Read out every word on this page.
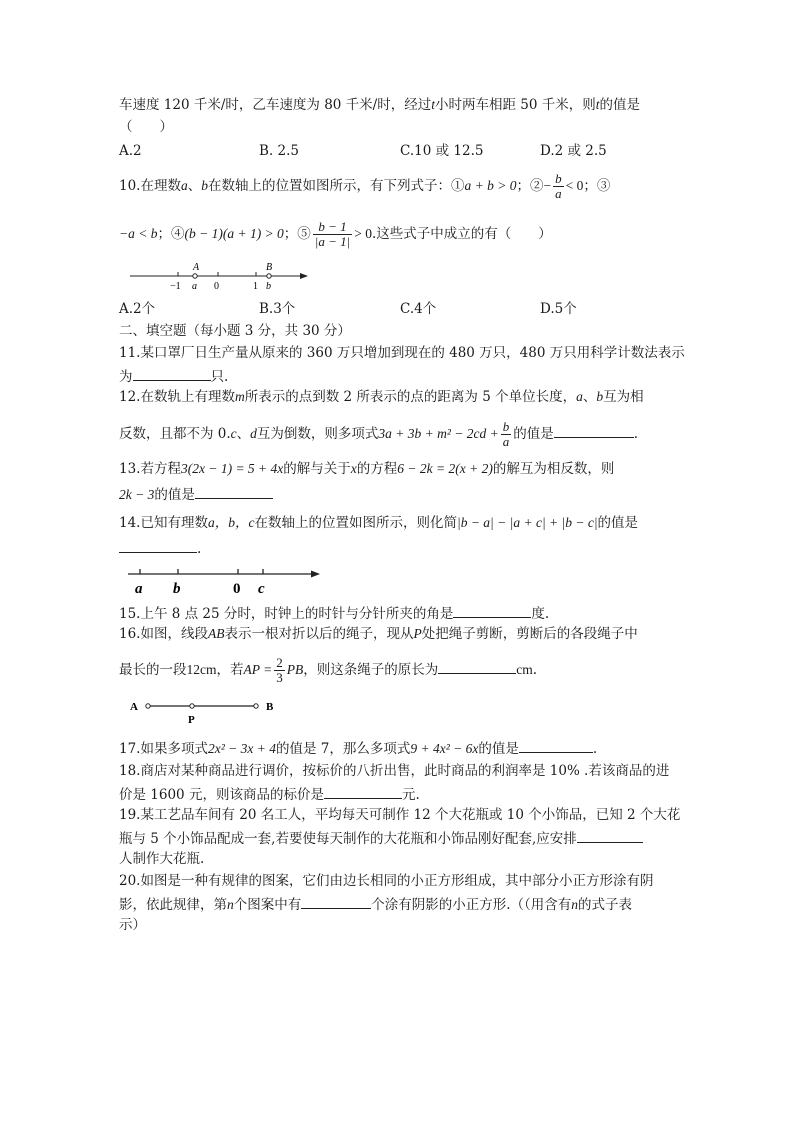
车速度 120 千米/时，乙车速度为 80 千米/时，经过t小时两车相距 50 千米，则t的值是
（　　）
A.2	B. 2.5	C.10 或 12.5	D.2 或 2.5
10.在理数a、b在数轴上的位置如图所示，有下列式子：①a + b > 0；②− $\frac{b}{a} < 0$；③
−a < b；④(b − 1)(a + 1) > 0；⑤ $\frac{b - 1}{|a - 1|} > 0$.这些式子中成立的有（　　）
A	B
−1 a 0	1 b
A.2个	B.3个	C.4个	D.5个
二、填空题（每小题 3 分，共 30 分）
11.某口罩厂日生产量从原来的 360 万只增加到现在的 480 万只，480 万只用科学计数法表示
为	只.
12.在数轨上有理数m所表示的点到数 2 所表示的点的距离为 5 个单位长度，a、b互为相
反数，且都不为 0.c、d互为倒数，则多项式$3a + 3b + m^2 - 2cd + \frac{b}{a}$ 的值是	.
13.若方程3(2x − 1) = 5 + 4x的解与关于x的方程6 − 2k = 2(x + 2)的解互为相反数，则
2k − 3的值是
14.已知有理数a，b，c在数轴上的位置如图所示，则化简|b − a| − |a + c| + |b − c|的值是
.
a b	0 c
15.上午 8 点 25 分时，时钟上的时针与分针所夹的角是	度.
16.如图，线段AB表示一根对折以后的绳子，现从P处把绳子剪断，剪断后的各段绳子中
最长的一段12cm，若AP = $\frac{2}{3}$ PB，则这条绳子的原长为	cm.
A
P
B
17.如果多项式2x² − 3x + 4的值是 7，那么多项式9 + 4x² − 6x的值是	.
18.商店对某种商品进行调价，按标价的八折出售，此时商品的利润率是 10% .若该商品的进
价是 1600 元，则该商品的标价是	元.
19.某工艺品车间有 20 名工人，平均每天可制作 12 个大花瓶或 10 个小饰品，已知 2 个大花
瓶与 5 个小饰品配成一套,若要使每天制作的大花瓶和小饰品刚好配套,应安排
人制作大花瓶.
20.如图是一种有规律的图案，它们由边长相同的小正方形组成，其中部分小正方形涂有阴
影，依此规律，第n个图案中有	个涂有阴影的小正方形.（（用含有n的式子表
示）
